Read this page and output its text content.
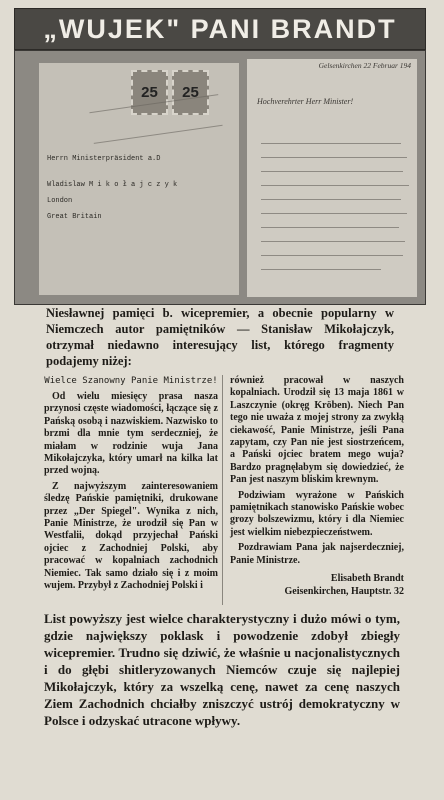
„WUJEK" PANI BRANDT
25	25
Herrn Ministerpräsident a.D
Wladislaw M i k o ł a j c z y k
London
Great Britain
Gelsenkirchen 22 Februar 194
Hochverehrter Herr Minister!
Niesławnej pamięci b. wicepremier, a obecnie popularny w Niemczech autor pamiętników — Stanisław Mikołajczyk, otrzymał niedawno interesujący list, którego fragmenty podajemy niżej:

Wielce Szanowny Panie Ministrze!

Od wielu miesięcy prasa nasza przynosi częste wiadomości, łączące się z Pańską osobą i nazwiskiem. Nazwisko to brzmi dla mnie tym serdeczniej, że miałam w rodzinie wuja Jana Mikołajczyka, który umarł na kilka lat przed wojną.

Z najwyższym zainteresowaniem śledzę Pańskie pamiętniki, drukowane przez „Der Spiegel". Wynika z nich, Panie Ministrze, że urodził się Pan w Westfalii, dokąd przyjechał Pański ojciec z Zachodniej Polski, aby pracować w kopalniach zachodnich Niemiec. Tak samo działo się i z moim wujem. Przybył z Zachodniej Polski i

również pracował w naszych kopalniach. Urodził się 13 maja 1861 w Laszczynie (okręg Kröben). Niech Pan tego nie uważa z mojej strony za zwykłą ciekawość, Panie Ministrze, jeśli Pana zapytam, czy Pan nie jest siostrzeńcem, a Pański ojciec bratem mego wuja? Bardzo pragnęłabym się dowiedzieć, że Pan jest naszym bliskim krewnym.

Podziwiam wyrażone w Pańskich pamiętnikach stanowisko Pańskie wobec grozy bolszewizmu, który i dla Niemiec jest wielkim niebezpieczeństwem.

Pozdrawiam Pana jak najserdeczniej, Panie Ministrze.

Elisabeth Brandt
Geisenkirchen, Hauptstr. 32
List powyższy jest wielce charakterystyczny i dużo mówi o tym, gdzie największy poklask i powodzenie zdobył zbiegły wicepremier. Trudno się dziwić, że właśnie u nacjonalistycznych i do głębi shitleryzowanych Niemców czuje się najlepiej Mikołajczyk, który za wszelką cenę, nawet za cenę naszych Ziem Zachodnich chciałby zniszczyć ustrój demokratyczny w Polsce i odzyskać utracone wpływy.
